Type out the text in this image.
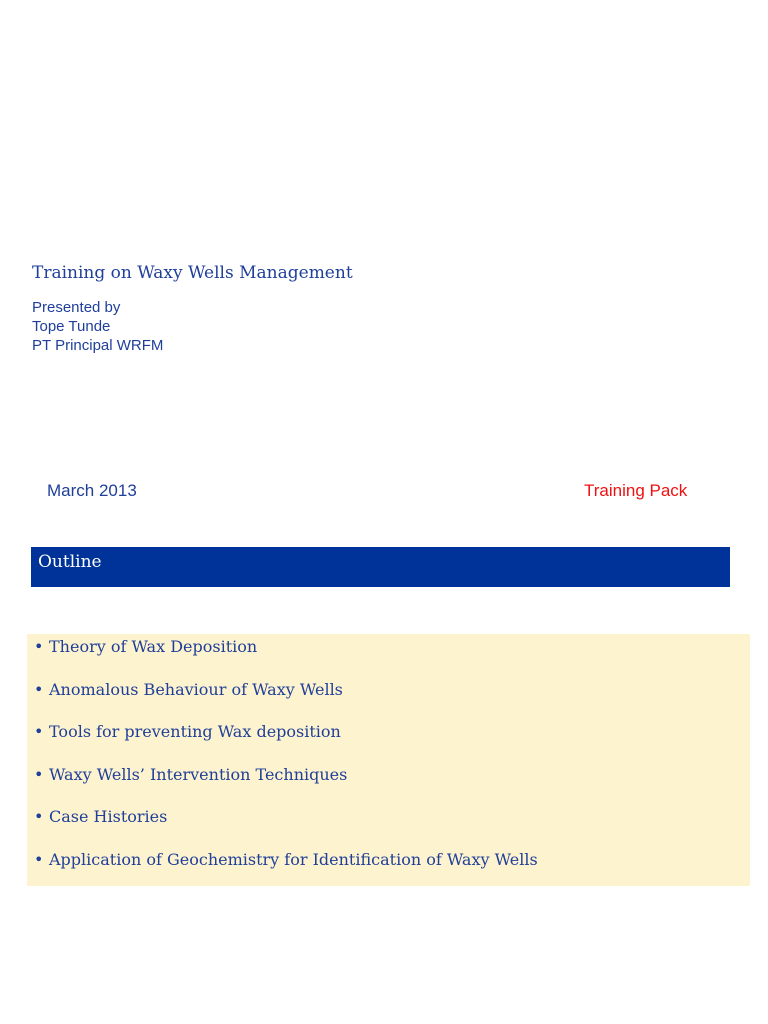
Training on Waxy Wells Management
Presented by
Tope Tunde
PT Principal WRFM
March 2013	Training Pack
Outline
• Theory of Wax Deposition
• Anomalous Behaviour of Waxy Wells
• Tools for preventing Wax deposition
• Waxy Wells’ Intervention Techniques
• Case Histories
• Application of Geochemistry for Identification of Waxy Wells
